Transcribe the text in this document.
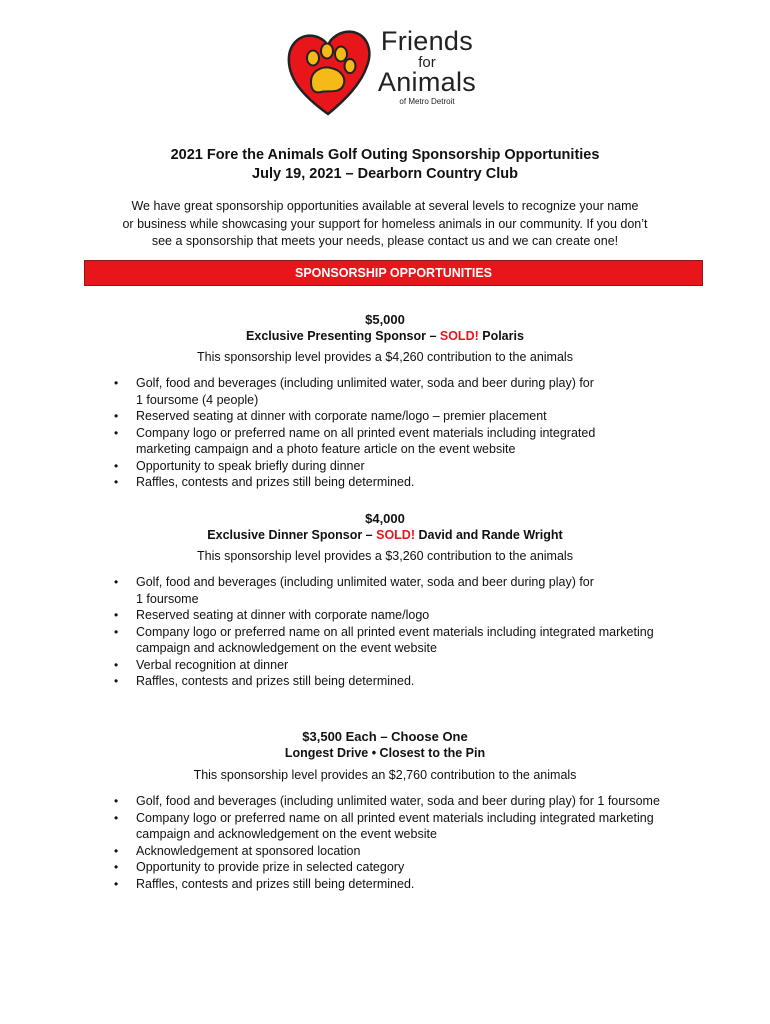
Friends
for
Animals
of Metro Detroit
2021 Fore the Animals Golf Outing Sponsorship Opportunities
July 19, 2021 – Dearborn Country Club
We have great sponsorship opportunities available at several levels to recognize your name
or business while showcasing your support for homeless animals in our community. If you don’t
see a sponsorship that meets your needs, please contact us and we can create one!
SPONSORSHIP OPPORTUNITIES
$5,000
Exclusive Presenting Sponsor – SOLD! Polaris
This sponsorship level provides a $4,260 contribution to the animals
• Golf, food and beverages (including unlimited water, soda and beer during play) for
1 foursome (4 people)
• Reserved seating at dinner with corporate name/logo – premier placement
• Company logo or preferred name on all printed event materials including integrated
marketing campaign and a photo feature article on the event website
• Opportunity to speak briefly during dinner
• Raffles, contests and prizes still being determined.
$4,000
Exclusive Dinner Sponsor – SOLD! David and Rande Wright
This sponsorship level provides a $3,260 contribution to the animals
• Golf, food and beverages (including unlimited water, soda and beer during play) for
1 foursome
• Reserved seating at dinner with corporate name/logo
• Company logo or preferred name on all printed event materials including integrated marketing
campaign and acknowledgement on the event website
• Verbal recognition at dinner
• Raffles, contests and prizes still being determined.
$3,500 Each – Choose One
Longest Drive • Closest to the Pin
This sponsorship level provides an $2,760 contribution to the animals
• Golf, food and beverages (including unlimited water, soda and beer during play) for 1 foursome
• Company logo or preferred name on all printed event materials including integrated marketing
campaign and acknowledgement on the event website
• Acknowledgement at sponsored location
• Opportunity to provide prize in selected category
• Raffles, contests and prizes still being determined.
